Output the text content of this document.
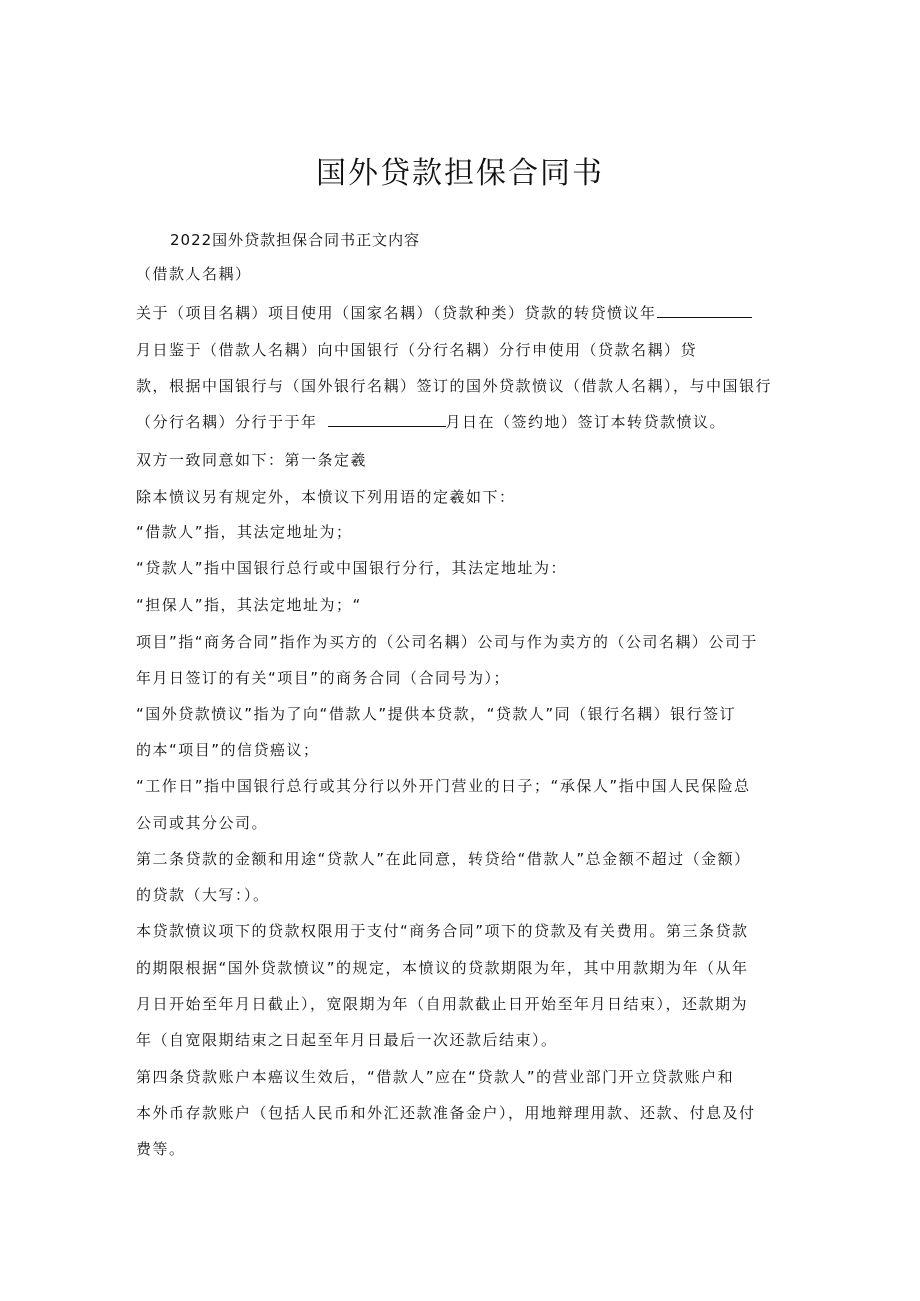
国外贷款担保合同书

2022国外贷款担保合同书正文内容

（借款人名耦）

关于（项目名耦）项目使用（国家名耦）（贷款种类）贷款的转贷愤议年

月日鉴于（借款人名耦）向中国银行（分行名耦）分行申使用（贷款名耦）贷

款，根据中国银行与（国外银行名耦）签订的国外贷款愤议（借款人名耦），与中国银行

（分行名耦）分行于于年	月日在（签约地）签订本转贷款愤议。

双方一致同意如下：第一条定羲

除本愤议另有规定外，本愤议下列用语的定羲如下：

“借款人”指，其法定地址为；

“贷款人”指中国银行总行或中国银行分行，其法定地址为：

“担保人”指，其法定地址为；“

项目”指“商务合同”指作为买方的（公司名耦）公司与作为卖方的（公司名耦）公司于

年月日签订的有关“项目”的商务合同（合同号为）；

“国外贷款愤议”指为了向“借款人”提供本贷款，“贷款人”同（银行名耦）银行签订

的本“项目”的信贷癌议；

“工作日”指中国银行总行或其分行以外开门营业的日子；“承保人”指中国人民保险总

公司或其分公司。

第二条贷款的金额和用途“贷款人”在此同意，转贷给“借款人”总金额不超过（金额）

的贷款（大写：）。

本贷款愤议项下的贷款权限用于支付“商务合同”项下的贷款及有关费用。第三条贷款

的期限根据“国外贷款愤议”的规定，本愤议的贷款期限为年，其中用款期为年（从年

月日开始至年月日截止），宽限期为年（自用款截止日开始至年月日结束），还款期为

年（自宽限期结束之日起至年月日最后一次还款后结束）。

第四条贷款账户本癌议生效后，“借款人”应在“贷款人”的营业部门开立贷款账户和

本外币存款账户（包括人民币和外汇还款准备金户），用地辩理用款、还款、付息及付

费等。
